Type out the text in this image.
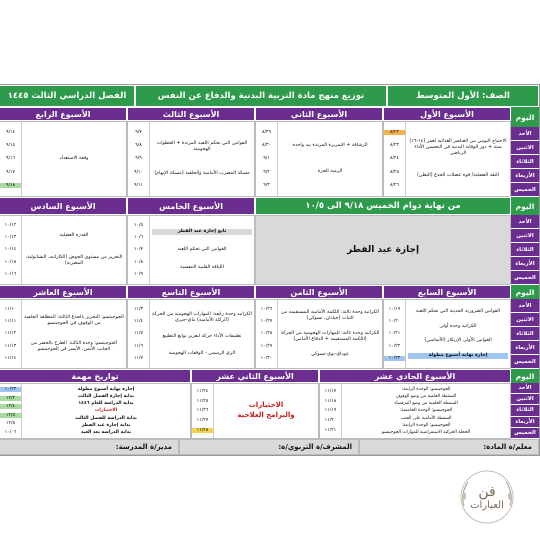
الصف: الأول المتوسط
توزيع منهج مادة التربية البدنية والدفاع عن النفس
الفصل الدراسي الثالث ١٤٤٥
اليوم
الأسبوع الأول
الأسبوع الثاني
الأسبوع الثالث
الأسبوع الرابع
الأحد
الاثنين
الثلاثاء
الأربعاء
الخميس
الاحتياج اليومي من العناصر الغذائية لعمر (١٤-١٦) سنة + دور الوقاية البدنية في التحسين الأداء الرياضي
الثقة العضلية/ قوة عضلات الجذع (البطن)
٨/٢٢
٨/٢٣
٨/٢٤
٨/٢٥
٨/٢٦
الرشاقة + التمريرة المرتدة بيد واحدة
الرمية الحرة
٨/٢٩
٨/٣٠
٩/١
٩/٢
٩/٣
القوانين التي تحكم اللعبة المرتدة + الخطوات الهجومية
مسكة المضرب الأمامية والخلفية (مسكة الإبهام)
٩/٧
٩/٨
٩/٩
٩/١٠
٩/١١
وقفة الاستعداد
٩/١٤
٩/١٥
٩/١٦
٩/١٧
٩/١٨
اليوم
من نهاية دوام الخميس ٩/١٨ الى ١٠/٥
الأسبوع الخامس
الأسبوع السادس
الأحد
الاثنين
الثلاثاء
الأربعاء
الخميس
إجازة عيد الفطر
تابع إجازة عيد الفطر
القوانين التي تحكم اللعبة
اللياقة القلبية التنفسية
١٠/٥
١٠/٦
١٠/٧
١٠/٨
١٠/٩
القدرة العضلية
التحرير من مستوى الحوض (الكاراتيه، البشاتولية، المصرية)
١٠/١٢
١٠/١٣
١٠/١٤
١٠/١٥
١٠/١٦
اليوم
الأسبوع السابع
الأسبوع الثامن
الأسبوع التاسع
الأسبوع العاشر
الأحد
الاثنين
الثلاثاء
الأربعاء
الخميس
القوانين الضرورية الحديثة التي تحكم اللعبة
الكراتيه وحدة أولى
القوانين الأولى الإرتكاز (الأساسي)
إجازة نهاية أسبوع مطولة
١٠/١٩
١٠/٢٠
١٠/٢١
١٠/٢٢
١٠/٢٣
الكراتيه وحدة ثالثة: اللكمة الأمامية المستقيمة من الثبات (جيادان، تسوكي)
الكراتيه وحدة ثالثة: للمهارات الهجومية من الحركة (اللكمة المستقيمة + الدفاع الأمامي)
عوداي-بوي-تسوكي
١٠/٢٦
١٠/٢٧
١٠/٢٨
١٠/٢٩
١٠/٣٠
الكراتيه وحدة رابعة: المهارات الهجومية من الحركة (الركلة الأمامية) ماي-جيري
تطبيقات الأداء حركة لتعزيز توابع التطبيع
الزي الرسمي - الوقفات الهجومية
١١/٣
١١/٤
١١/٥
١١/٦
١١/٧
الجوجيتسو: التحرير بالجذع الثالثة: المطلقة الخلفية من الوقوف في الجوجيتسو
الجوجيتسو: وحدة الثالثة: الطرح بالخصر من الجانب الأيمن، الأيسر في الجوجيتسو
١١/١٠
١١/١١
١١/١٢
١١/١٣
١١/١٤
اليوم
الأسبوع الحادي عشر
الأسبوع الثاني عشر
تواريخ مهمة
الأحد
الاثنين
الثلاثاء
الأربعاء
الخميس
الجوجيتسو: الوحدة الرابعة:
السقطة الخلفية من وضع الوقوف
السقطة الخلفية من وضع القرفصاء
الجوجيتسو: الوحدة الخامسة:
السقطة الأمامية على الجنب
الجوجيتسو: الوحدة الرابعة:
الحجلة الحركية الاستعراضية للمهارات الجوجيتسو
١١/١٧
١١/١٨
١١/١٩
١١/٢٠
١١/٢١
الاختبارات
والبرامج العلاجية
١١/٢٤
١١/٢٥
١١/٢٦
١١/٢٧
١١/٢٨
إجازة نهاية أسبوع مطولة
بداية إجازة الفصل الثالث
بداية الدراسة للعام ١٤٤٦
الاختبارات
بداية الدراسة للفصل الثالث
بداية إجازة عيد الفطر
بداية الدراسة بعد العيد
١٠/٢٣
١٢/٣
١٢/٤
١٢/٥
١٢/٨
١٠/٠٦
معلم/ة المادة:
المشرف/ة التربوي/ة:
مدير/ة المدرسة:
فن
العبارات
